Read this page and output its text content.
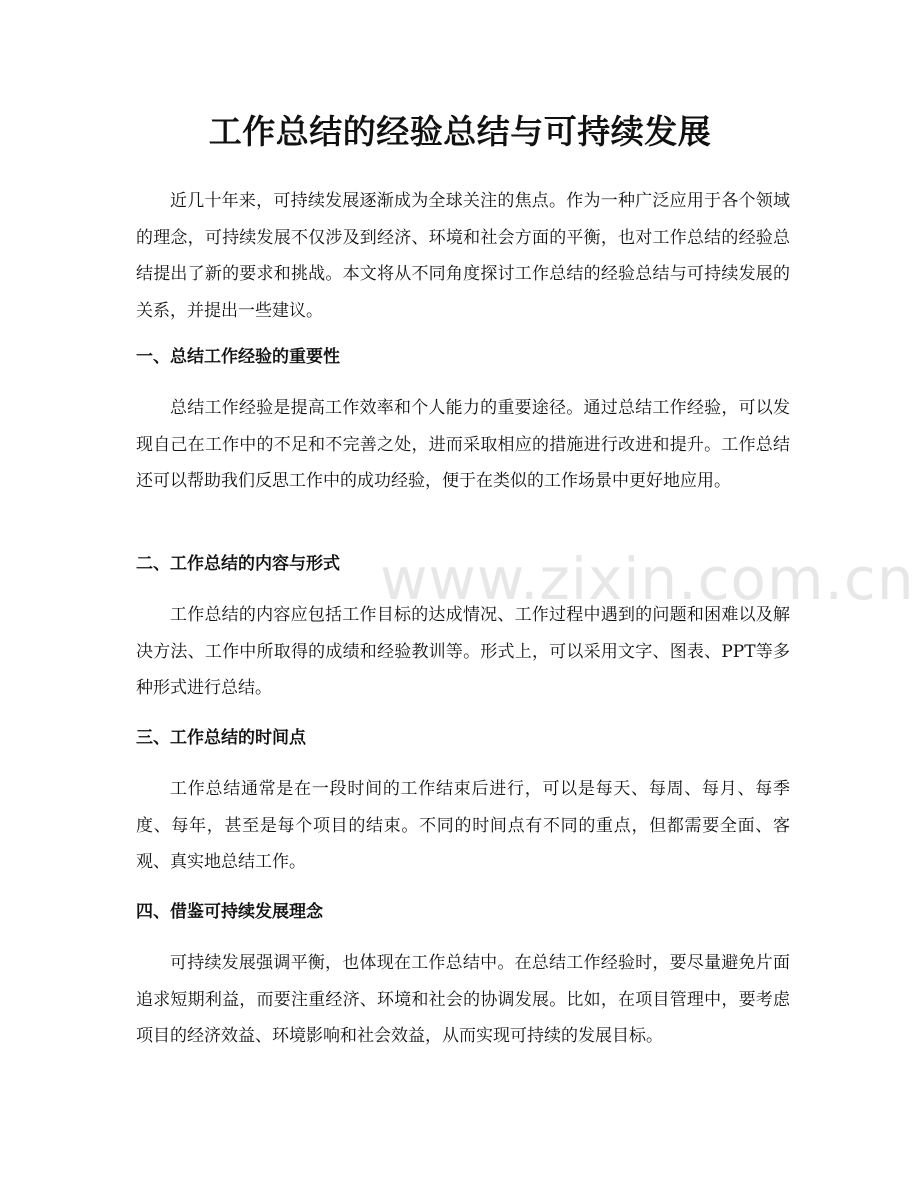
工作总结的经验总结与可持续发展

近几十年来，可持续发展逐渐成为全球关注的焦点。作为一种广泛应用于各个领域的理念，可持续发展不仅涉及到经济、环境和社会方面的平衡，也对工作总结的经验总结提出了新的要求和挑战。本文将从不同角度探讨工作总结的经验总结与可持续发展的关系，并提出一些建议。

一、总结工作经验的重要性

总结工作经验是提高工作效率和个人能力的重要途径。通过总结工作经验，可以发现自己在工作中的不足和不完善之处，进而采取相应的措施进行改进和提升。工作总结还可以帮助我们反思工作中的成功经验，便于在类似的工作场景中更好地应用。

二、工作总结的内容与形式

工作总结的内容应包括工作目标的达成情况、工作过程中遇到的问题和困难以及解决方法、工作中所取得的成绩和经验教训等。形式上，可以采用文字、图表、PPT等多种形式进行总结。

三、工作总结的时间点

工作总结通常是在一段时间的工作结束后进行，可以是每天、每周、每月、每季度、每年，甚至是每个项目的结束。不同的时间点有不同的重点，但都需要全面、客观、真实地总结工作。

四、借鉴可持续发展理念

可持续发展强调平衡，也体现在工作总结中。在总结工作经验时，要尽量避免片面追求短期利益，而要注重经济、环境和社会的协调发展。比如，在项目管理中，要考虑项目的经济效益、环境影响和社会效益，从而实现可持续的发展目标。

www.zixin.com.cn
